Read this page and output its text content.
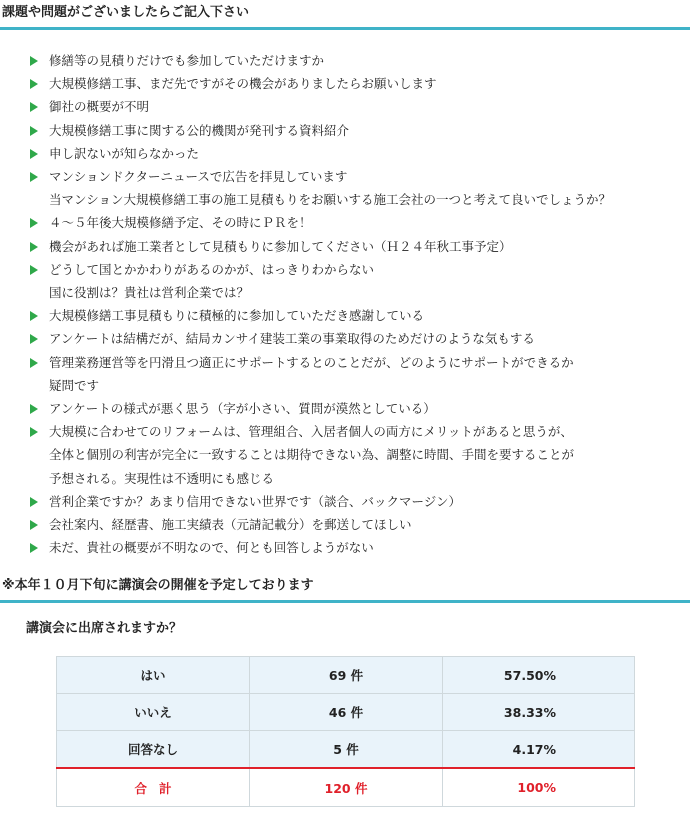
課題や問題がございましたらご記入下さい
修繕等の見積りだけでも参加していただけますか
大規模修繕工事、まだ先ですがその機会がありましたらお願いします
御社の概要が不明
大規模修繕工事に関する公的機関が発刊する資料紹介
申し訳ないが知らなかった
マンションドクターニュースで広告を拝見しています
当マンション大規模修繕工事の施工見積もりをお願いする施工会社の一つと考えて良いでしょうか？
４～５年後大規模修繕予定、その時にＰＲを！
機会があれば施工業者として見積もりに参加してください（Ｈ２４年秋工事予定）
どうして国とかかわりがあるのかが、はっきりわからない
国に役割は？貴社は営利企業では？
大規模修繕工事見積もりに積極的に参加していただき感謝している
アンケートは結構だが、結局カンサイ建装工業の事業取得のためだけのような気もする
管理業務運営等を円滑且つ適正にサポートするとのことだが、どのようにサポートができるか
疑問です
アンケートの様式が悪く思う（字が小さい、質問が漠然としている）
大規模に合わせてのリフォームは、管理組合、入居者個人の両方にメリットがあると思うが、
全体と個別の利害が完全に一致することは期待できない為、調整に時間、手間を要することが
予想される。実現性は不透明にも感じる
営利企業ですか？あまり信用できない世界です（談合、バックマージン）
会社案内、経歴書、施工実績表（元請記載分）を郵送してほしい
未だ、貴社の概要が不明なので、何とも回答しようがない
※本年１０月下旬に講演会の開催を予定しております
講演会に出席されますか？
はい	69 件	57.50%
いいえ	46 件	38.33%
回答なし	5 件	4.17%
合計	120 件	100%
